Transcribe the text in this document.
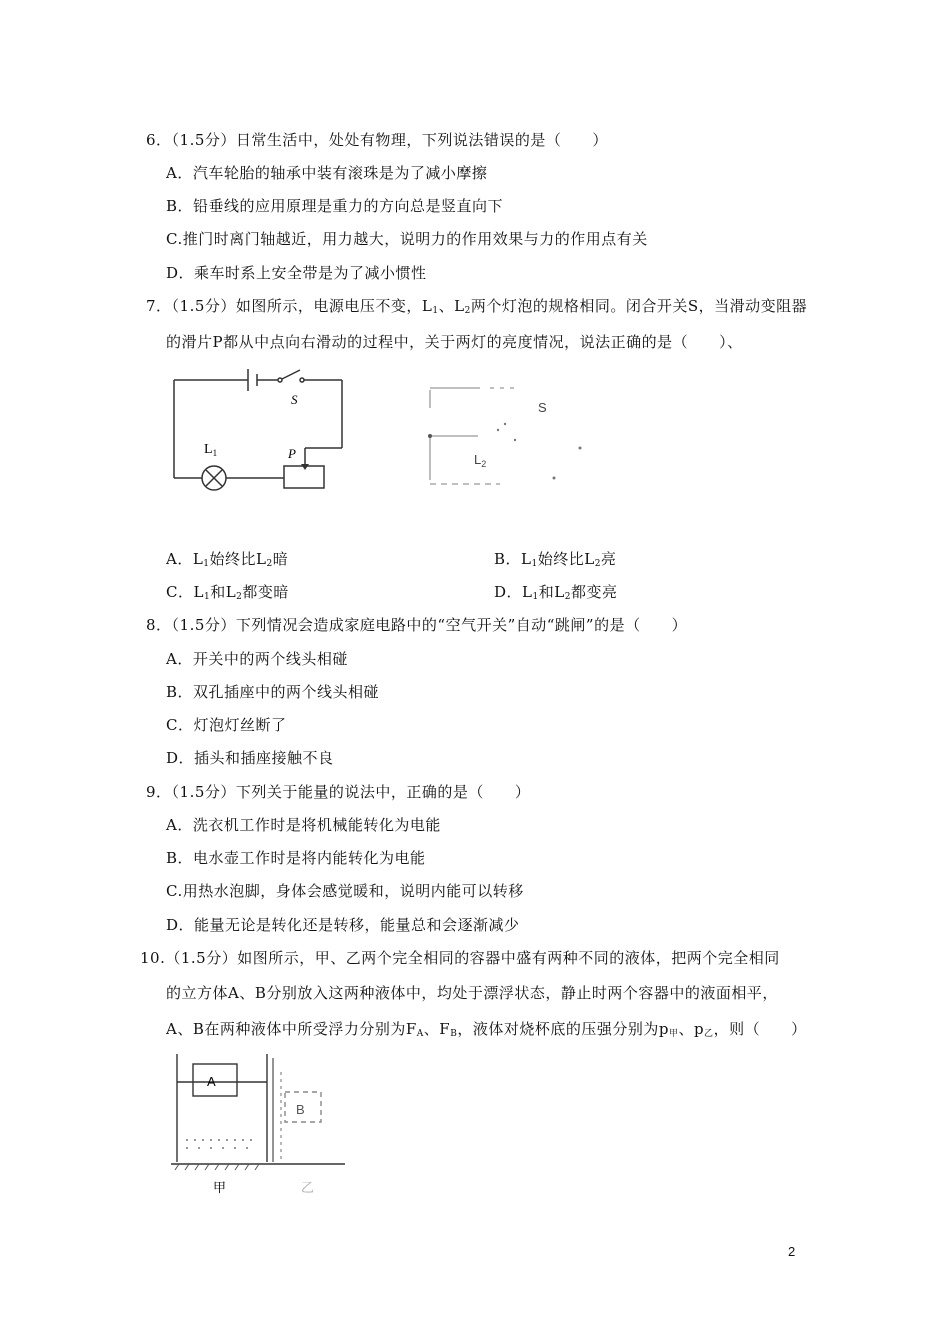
6．（1.5分）日常生活中，处处有物理，下列说法错误的是（　　）
A．汽车轮胎的轴承中装有滚珠是为了减小摩擦
B．铅垂线的应用原理是重力的方向总是竖直向下
C.推门时离门轴越近，用力越大，说明力的作用效果与力的作用点有关
D．乘车时系上安全带是为了减小惯性
7．（1.5分）如图所示，电源电压不变，$L_1$、$L_2$两个灯泡的规格相同。闭合开关S，当滑动变阻器
的滑片P都从中点向右滑动的过程中，关于两灯的亮度情况，说法正确的是（　　）、
$L_1$	P
S
S
$L_2$
A．$L_1$始终比$L_2$暗	B．$L_1$始终比$L_2$亮
C．$L_1$和$L_2$都变暗	D．$L_1$和$L_2$都变亮
8．（1.5分）下列情况会造成家庭电路中的“空气开关”自动“跳闸”的是（　　）
A．开关中的两个线头相碰
B．双孔插座中的两个线头相碰
C．灯泡灯丝断了
D．插头和插座接触不良
9．（1.5分）下列关于能量的说法中，正确的是（　　）
A．洗衣机工作时是将机械能转化为电能
B．电水壶工作时是将内能转化为电能
C.用热水泡脚，身体会感觉暖和，说明内能可以转移
D．能量无论是转化还是转移，能量总和会逐渐减少
10.（1.5分）如图所示，甲、乙两个完全相同的容器中盛有两种不同的液体，把两个完全相同
的立方体A、B分别放入这两种液体中，均处于漂浮状态，静止时两个容器中的液面相平，
A、B在两种液体中所受浮力分别为$F_A$、$F_B$，液体对烧杯底的压强分别为$p_甲$、$p_乙$，则（　　）
A
B
甲	乙
2
